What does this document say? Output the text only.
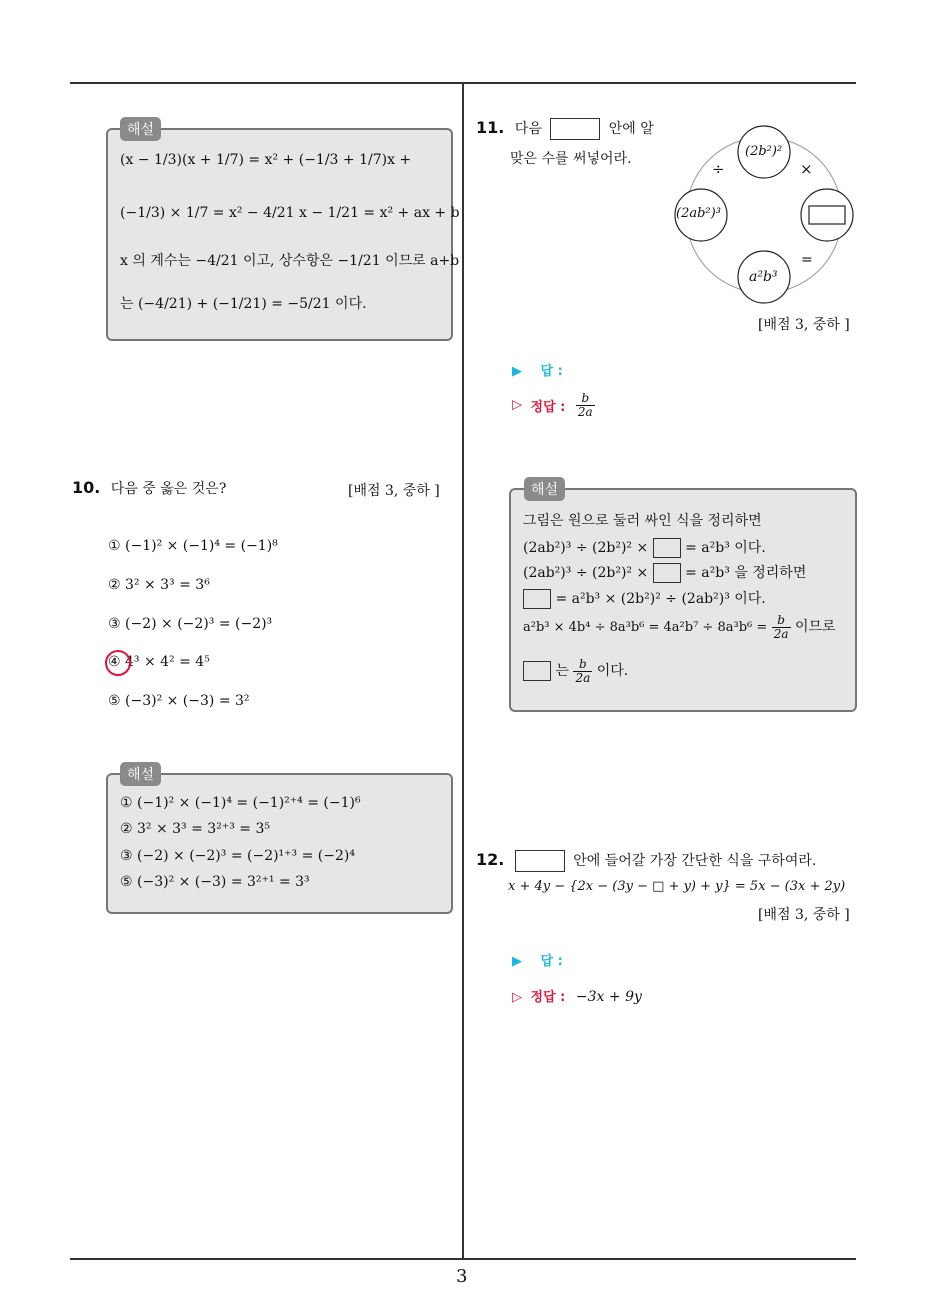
(x − 1/3)(x + 1/7) = x² + (−1/3 + 1/7)x +
(−1/3) × 1/7 = x² − 4/21 x − 1/21 = x² + ax + b
x 의 계수는 −4/21 이고, 상수항은 −1/21 이므로 a+b
는 (−4/21) + (−1/21) = −5/21 이다.
해설
10. 다음 중 옳은 것은?	[배점 3, 중하 ]
① (−1)² × (−1)⁴ = (−1)⁸
② 3² × 3³ = 3⁶
③ (−2) × (−2)³ = (−2)³
④ 4³ × 4² = 4⁵
⑤ (−3)² × (−3) = 3²
① (−1)² × (−1)⁴ = (−1)²⁺⁴ = (−1)⁶
② 3² × 3³ = 3²⁺³ = 3⁵
③ (−2) × (−2)³ = (−2)¹⁺³ = (−2)⁴
⑤ (−3)² × (−3) = 3²⁺¹ = 3³
해설
11. 다음	안에 알
맞은 수를 써넣어라.	(2b²)²
(2ab²)³
a²b³
÷	×
=
[배점 3, 중하 ]
▶ 답 :
▷ 정답 : $\frac{b}{2a}$
그림은 원으로 둘러 싸인 식을 정리하면
(2ab²)³ ÷ (2b²)² ×	= a²b³ 이다.
(2ab²)³ ÷ (2b²)² ×	= a²b³ 을 정리하면
= a²b³ × (2b²)² ÷ (2ab²)³ 이다.
$a^2b^3 \times 4b^4 \div 8a^3b^6 = 4a^2b^7 \div 8a^3b^6 = \frac{b}{2a}$ 이므로
는 $\frac{b}{2a}$ 이다.
해설
12.	안에 들어갈 가장 간단한 식을 구하여라.
x + 4y − {2x − (3y − □ + y) + y} = 5x − (3x + 2y)
[배점 3, 중하 ]
▶ 답 :
▷ 정답 : −3x + 9y
3
